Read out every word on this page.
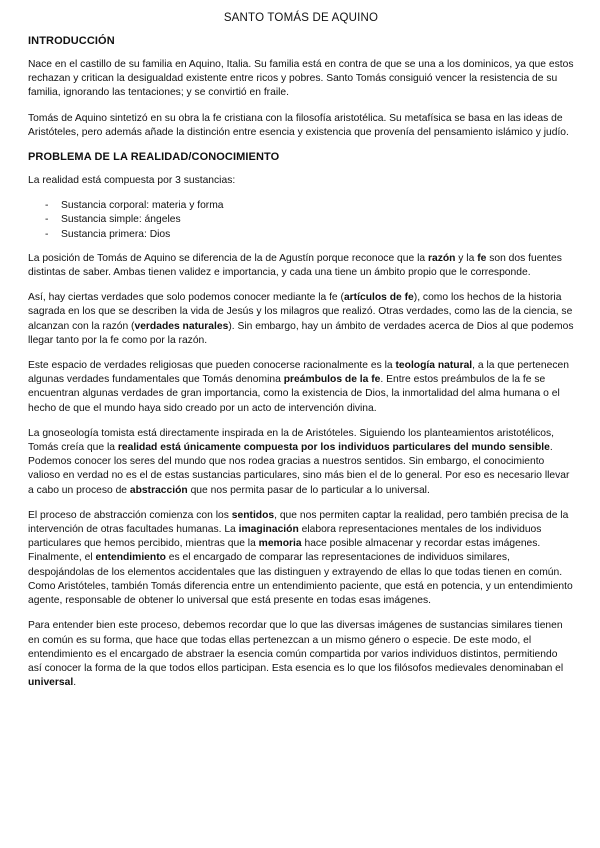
SANTO TOMÁS DE AQUINO
INTRODUCCIÓN

Nace en el castillo de su familia en Aquino, Italia. Su familia está en contra de que se una a los dominicos, ya que estos rechazan y critican la desigualdad existente entre ricos y pobres. Santo Tomás consiguió vencer la resistencia de su familia, ignorando las tentaciones; y se convirtió en fraile.

Tomás de Aquino sintetizó en su obra la fe cristiana con la filosofía aristotélica. Su metafísica se basa en las ideas de Aristóteles, pero además añade la distinción entre esencia y existencia que provenía del pensamiento islámico y judío.

PROBLEMA DE LA REALIDAD/CONOCIMIENTO

La realidad está compuesta por 3 sustancias:

- Sustancia corporal: materia y forma
- Sustancia simple: ángeles
- Sustancia primera: Dios

La posición de Tomás de Aquino se diferencia de la de Agustín porque reconoce que la razón y la fe son dos fuentes distintas de saber. Ambas tienen validez e importancia, y cada una tiene un ámbito propio que le corresponde.

Así, hay ciertas verdades que solo podemos conocer mediante la fe (artículos de fe), como los hechos de la historia sagrada en los que se describen la vida de Jesús y los milagros que realizó. Otras verdades, como las de la ciencia, se alcanzan con la razón (verdades naturales). Sin embargo, hay un ámbito de verdades acerca de Dios al que podemos llegar tanto por la fe como por la razón.

Este espacio de verdades religiosas que pueden conocerse racionalmente es la teología natural, a la que pertenecen algunas verdades fundamentales que Tomás denomina preámbulos de la fe. Entre estos preámbulos de la fe se encuentran algunas verdades de gran importancia, como la existencia de Dios, la inmortalidad del alma humana o el hecho de que el mundo haya sido creado por un acto de intervención divina.

La gnoseología tomista está directamente inspirada en la de Aristóteles. Siguiendo los planteamientos aristotélicos, Tomás creía que la realidad está únicamente compuesta por los individuos particulares del mundo sensible. Podemos conocer los seres del mundo que nos rodea gracias a nuestros sentidos. Sin embargo, el conocimiento valioso en verdad no es el de estas sustancias particulares, sino más bien el de lo general. Por eso es necesario llevar a cabo un proceso de abstracción que nos permita pasar de lo particular a lo universal.

El proceso de abstracción comienza con los sentidos, que nos permiten captar la realidad, pero también precisa de la intervención de otras facultades humanas. La imaginación elabora representaciones mentales de los individuos particulares que hemos percibido, mientras que la memoria hace posible almacenar y recordar estas imágenes. Finalmente, el entendimiento es el encargado de comparar las representaciones de individuos similares, despojándolas de los elementos accidentales que las distinguen y extrayendo de ellas lo que todas tienen en común. Como Aristóteles, también Tomás diferencia entre un entendimiento paciente, que está en potencia, y un entendimiento agente, responsable de obtener lo universal que está presente en todas esas imágenes.

Para entender bien este proceso, debemos recordar que lo que las diversas imágenes de sustancias similares tienen en común es su forma, que hace que todas ellas pertenezcan a un mismo género o especie. De este modo, el entendimiento es el encargado de abstraer la esencia común compartida por varios individuos distintos, permitiendo así conocer la forma de la que todos ellos participan. Esta esencia es lo que los filósofos medievales denominaban el universal.
